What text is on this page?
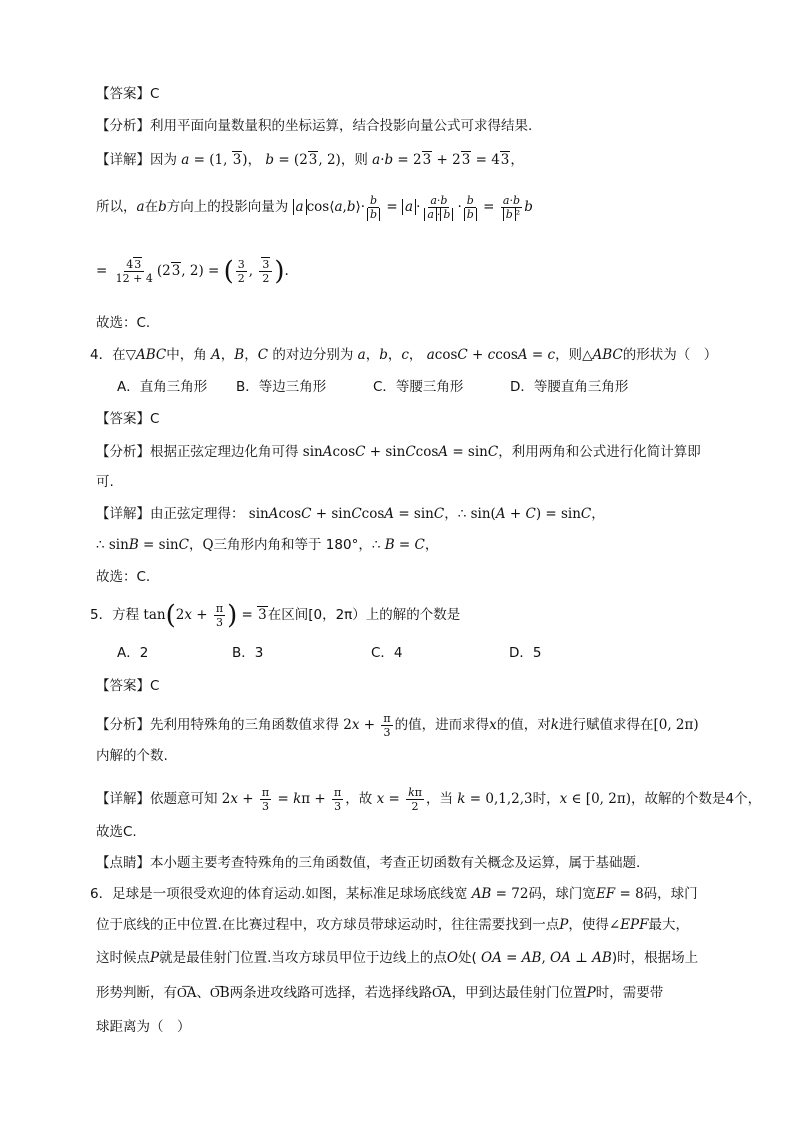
【答案】C
【分析】利用平面向量数量积的坐标运算，结合投影向量公式可求得结果.
【详解】因为 a = (1, 3)， b = (23, 2)，则 a·b = 23 + 23 = 43，
所以，a在b方向上的投影向量为 a cos⟨a,b⟩· $\frac{b}{b} = a \cdot \frac{a\cdot b}{a \cdot b} \cdot \frac{b}{b} = \frac{a\cdot b}{\text{b ²}}$ b
= $\frac{43}{12 + 4} (23$, 2) = ( $\frac{3}{2}$ , $\frac{3}{2}$ ).
故选：C.
4．在▽ABC中，角 A，B，C 的对边分别为 a，b，c， acosC + ccosA = c，则△ABC的形状为（　）
A．直角三角形 B．等边三角形	C．等腰三角形	D．等腰直角三角形
【答案】C
【分析】根据正弦定理边化角可得 sinAcosC + sinCcosA = sinC，利用两角和公式进行化简计算即
可.
【详解】由正弦定理得： sinAcosC + sinCcosA = sinC，∴ sin(A + C) = sinC，
∴ sinB = sinC，Q三角形内角和等于 180°，∴ B = C，
故选：C.
5．方程 $\tan(2x + \frac{\pi}{3}$ ) = 3在区间[0，2π）上的解的个数是
A．2	B．3	C．4	D．5
【答案】C
【分析】先利用特殊角的三角函数值求得 $2x + \frac{\pi}{3}$ 的值，进而求得x的值，对k进行赋值求得在[0, 2π)
内解的个数.
【详解】依题意可知 $2x + \frac{\pi}{3} = k\pi + \frac{\pi}{3}$ ，故 $x = \frac{k\pi}{2}$ ，当 k = 0,1,2,3时，x ∈ [0, 2π)，故解的个数是4个，
故选C.
【点睛】本小题主要考查特殊角的三角函数值，考查正切函数有关概念及运算，属于基础题.
6．足球是一项很受欢迎的体育运动.如图，某标准足球场底线宽 AB = 72码，球门宽EF = 8码，球门
位于底线的正中位置.在比赛过程中，攻方球员带球运动时，往往需要找到一点P，使得∠EPF最大，
这时候点P就是最佳射门位置.当攻方球员甲位于边线上的点O处( OA = AB, OA ⊥ AB)时，根据场上
形势判断，有O͞A、O͞B两条进攻线路可选择，若选择线路O͞A，甲到达最佳射门位置P时，需要带
球距离为（　）
